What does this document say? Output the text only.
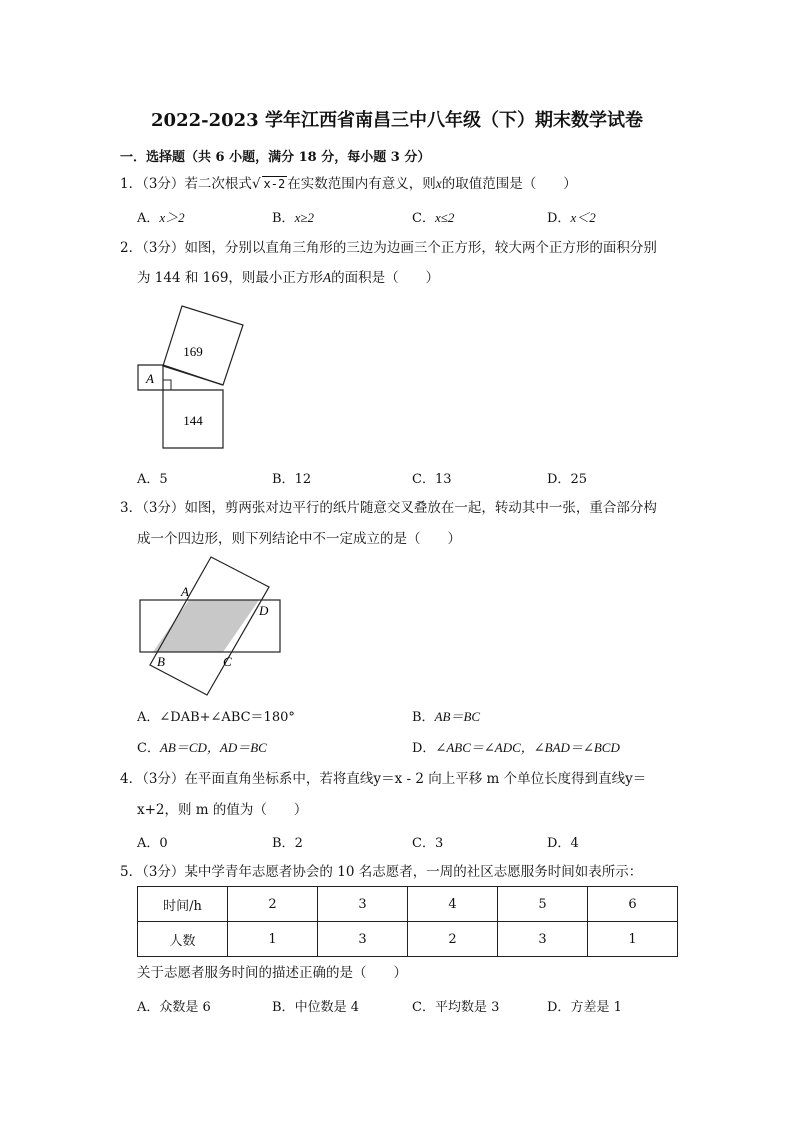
2022-2023 学年江西省南昌三中八年级（下）期末数学试卷
一．选择题（共 6 小题，满分 18 分，每小题 3 分）
1．（3分）若二次根式√ x-2 在实数范围内有意义，则x的取值范围是（　　）
A．x＞2	B．x≥2	C．x≤2	D．x＜2
2．（3分）如图，分别以直角三角形的三边为边画三个正方形，较大两个正方形的面积分别
为 144 和 169，则最小正方形A的面积是（　　）
169
144
A
A．5	B．12	C．13	D．25
3．（3分）如图，剪两张对边平行的纸片随意交叉叠放在一起，转动其中一张，重合部分构
成一个四边形，则下列结论中不一定成立的是（　　）
A
D
B	C
A．∠DAB+∠ABC＝180°	B．AB＝BC
C．AB＝CD，AD＝BC	D．∠ABC＝∠ADC，∠BAD＝∠BCD
4．（3分）在平面直角坐标系中，若将直线y＝x - 2 向上平移 m 个单位长度得到直线y＝
x+2，则 m 的值为（　　）
A．0	B．2	C．3	D．4
5．（3分）某中学青年志愿者协会的 10 名志愿者，一周的社区志愿服务时间如表所示：
时间/h	2	3	4	5	6
人数	1	3	2	3	1
关于志愿者服务时间的描述正确的是（　　）
A．众数是 6	B．中位数是 4	C．平均数是 3	D．方差是 1
